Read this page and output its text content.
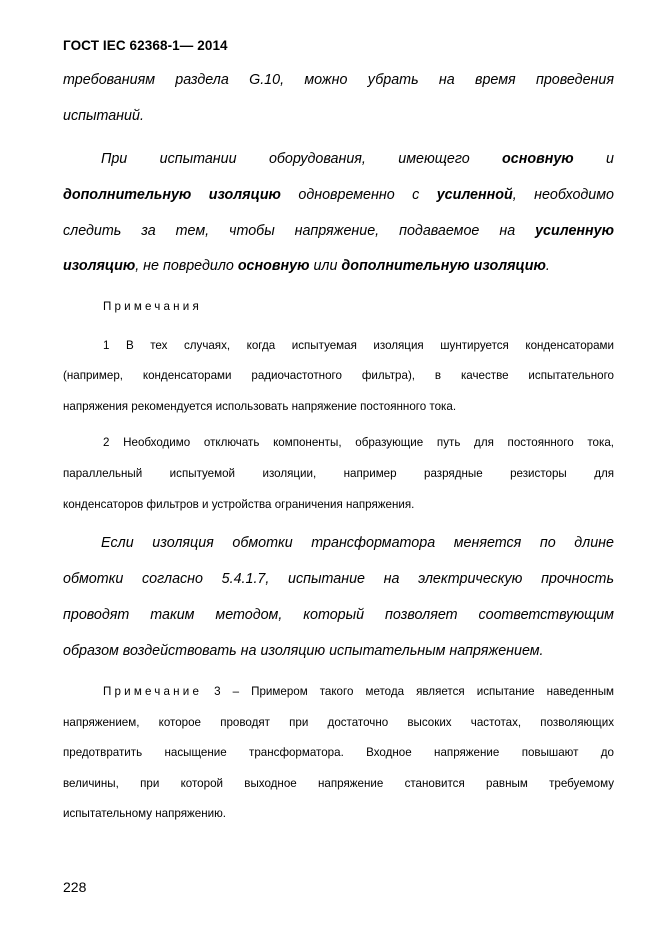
ГОСТ IEC 62368-1— 2014
требованиям раздела G.10, можно убрать на время проведения
испытаний.
При испытании оборудования, имеющего основную и
дополнительную изоляцию одновременно с усиленной, необходимо
следить за тем, чтобы напряжение, подаваемое на усиленную
изоляцию, не повредило основную или дополнительную изоляцию.
Примечания
1 В тех случаях, когда испытуемая изоляция шунтируется конденсаторами
(например, конденсаторами радиочастотного фильтра), в качестве испытательного
напряжения рекомендуется использовать напряжение постоянного тока.
2 Необходимо отключать компоненты, образующие путь для постоянного тока,
параллельный испытуемой изоляции, например разрядные резисторы для
конденсаторов фильтров и устройства ограничения напряжения.
Если изоляция обмотки трансформатора меняется по длине
обмотки согласно 5.4.1.7, испытание на электрическую прочность
проводят таким методом, который позволяет соответствующим
образом воздействовать на изоляцию испытательным напряжением.
Примечание 3 – Примером такого метода является испытание наведенным
напряжением, которое проводят при достаточно высоких частотах, позволяющих
предотвратить насыщение трансформатора. Входное напряжение повышают до
величины, при которой выходное напряжение становится равным требуемому
испытательному напряжению.
228
